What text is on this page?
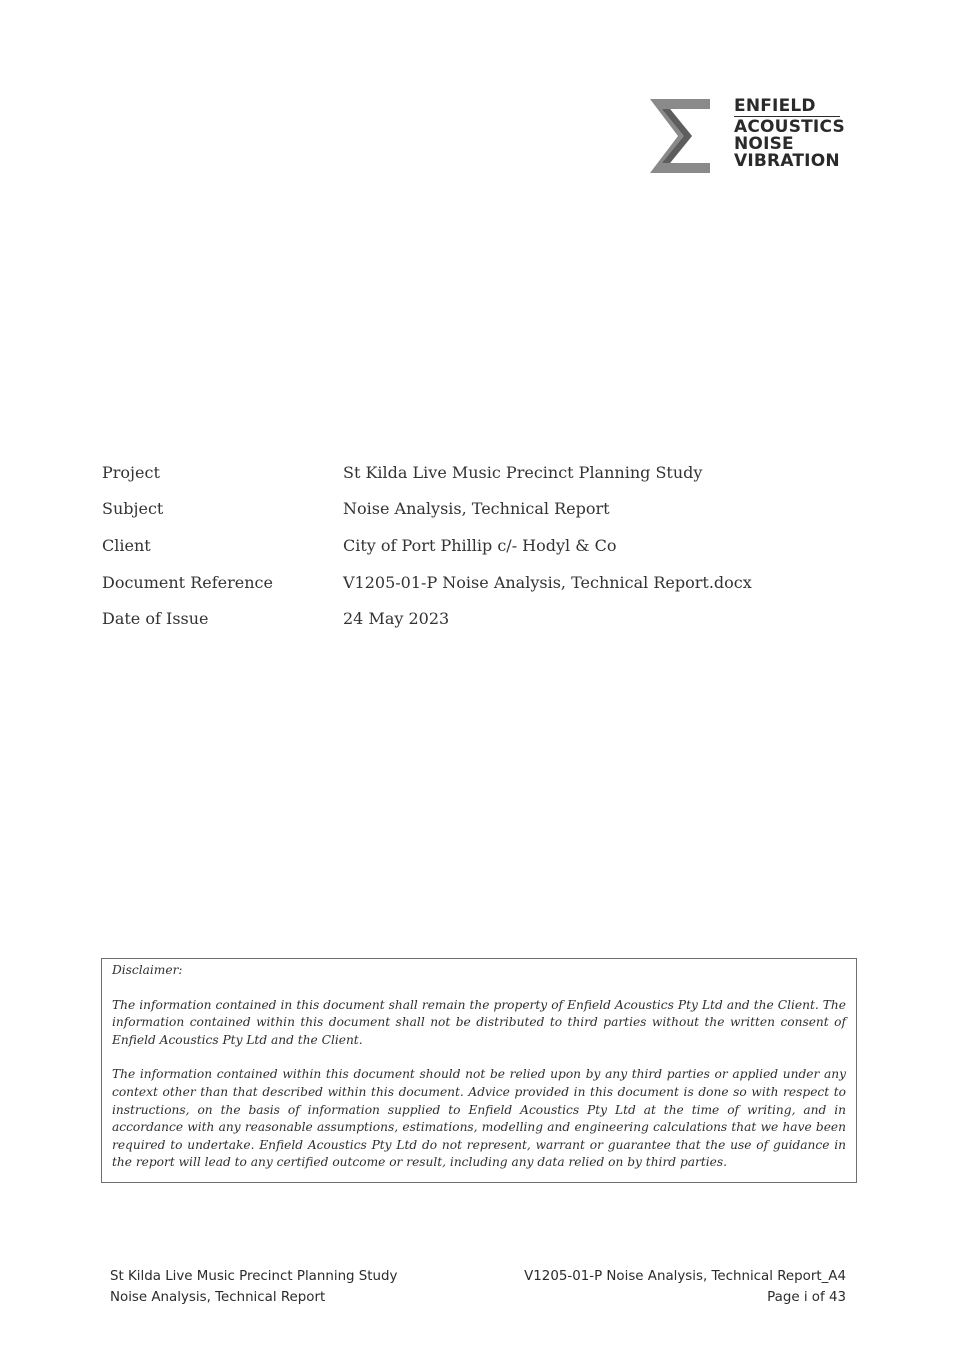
ENFIELD
ACOUSTICS
NOISE
VIBRATION
Project	St Kilda Live Music Precinct Planning Study
Subject	Noise Analysis, Technical Report
Client	City of Port Phillip c/- Hodyl & Co
Document Reference	V1205-01-P Noise Analysis, Technical Report.docx
Date of Issue	24 May 2023

Disclaimer:

The information contained in this document shall remain the property of Enfield Acoustics Pty Ltd and the Client. The information contained within this document shall not be distributed to third parties without the written consent of Enfield Acoustics Pty Ltd and the Client.

The information contained within this document should not be relied upon by any third parties or applied under any context other than that described within this document. Advice provided in this document is done so with respect to instructions, on the basis of information supplied to Enfield Acoustics Pty Ltd at the time of writing, and in accordance with any reasonable assumptions, estimations, modelling and engineering calculations that we have been required to undertake. Enfield Acoustics Pty Ltd do not represent, warrant or guarantee that the use of guidance in the report will lead to any certified outcome or result, including any data relied on by third parties.

St Kilda Live Music Precinct Planning Study
Noise Analysis, Technical Report
V1205-01-P Noise Analysis, Technical Report_A4
Page i of 43
